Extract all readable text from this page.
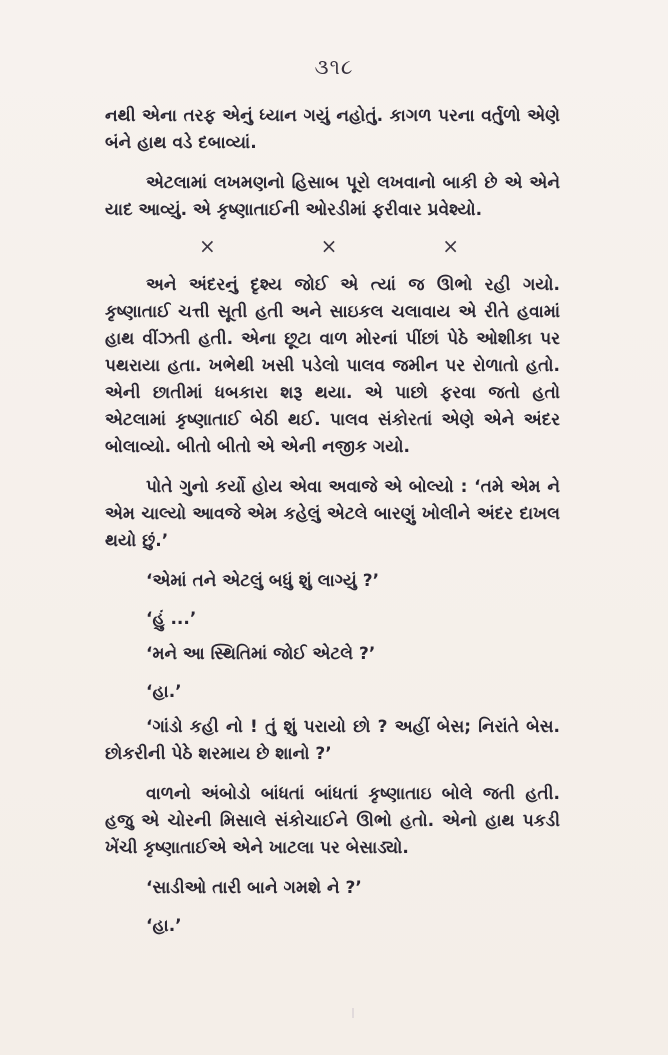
૩૧૮

નથી એના તરફ એનું ધ્યાન ગયું નહોતું. કાગળ પરના વર્તુળો એણે બંને હાથ વડે દબાવ્યાં.

એટલામાં લખમણનો હિસાબ પૂરો લખવાનો બાકી છે એ એને યાદ આવ્યું. એ કૃષ્ણાતાઈની ઓરડીમાં ફરીવાર પ્રવેશ્યો.

×	×	×

અને અંદરનું દૃશ્ય જોઈ એ ત્યાં જ ઊભો રહી ગયો. કૃષ્ણાતાઈ ચત્તી સૂતી હતી અને સાઇકલ ચલાવાય એ રીતે હવામાં હાથ વીંઝતી હતી. એના છૂટા વાળ મોરનાં પીંછાં પેઠે ઓશીકા પર પથરાયા હતા. ખભેથી ખસી પડેલો પાલવ જમીન પર રોળાતો હતો. એની છાતીમાં ધબકારા શરૂ થયા. એ પાછો ફરવા જતો હતો એટલામાં કૃષ્ણાતાઈ બેઠી થઈ. પાલવ સંકોરતાં એણે એને અંદર બોલાવ્યો. બીતો બીતો એ એની નજીક ગયો.

પોતે ગુનો કર્યો હોય એવા અવાજે એ બોલ્યો : ‘તમે એમ ને એમ ચાલ્યો આવજે એમ કહેલું એટલે બારણું ખોલીને અંદર દાખલ થયો છું.’

‘એમાં તને એટલું બધું શું લાગ્યું ?’

‘હું ...’

‘મને આ સ્થિતિમાં જોઈ એટલે ?’

‘હા.’

‘ગાંડો કહી નો ! તું શું પરાયો છો ? અહીં બેસ; નિરાંતે બેસ. છોકરીની પેઠે શરમાય છે શાનો ?’

વાળનો અંબોડો બાંધતાં બાંધતાં કૃષ્ણાતાઇ બોલે જતી હતી. હજુ એ ચોરની મિસાલે સંકોચાઈને ઊભો હતો. એનો હાથ પકડી ખેંચી કૃષ્ણાતાઈએ એને ખાટલા પર બેસાડ્યો.

‘સાડીઓ તારી બાને ગમશે ને ?’

‘હા.’
